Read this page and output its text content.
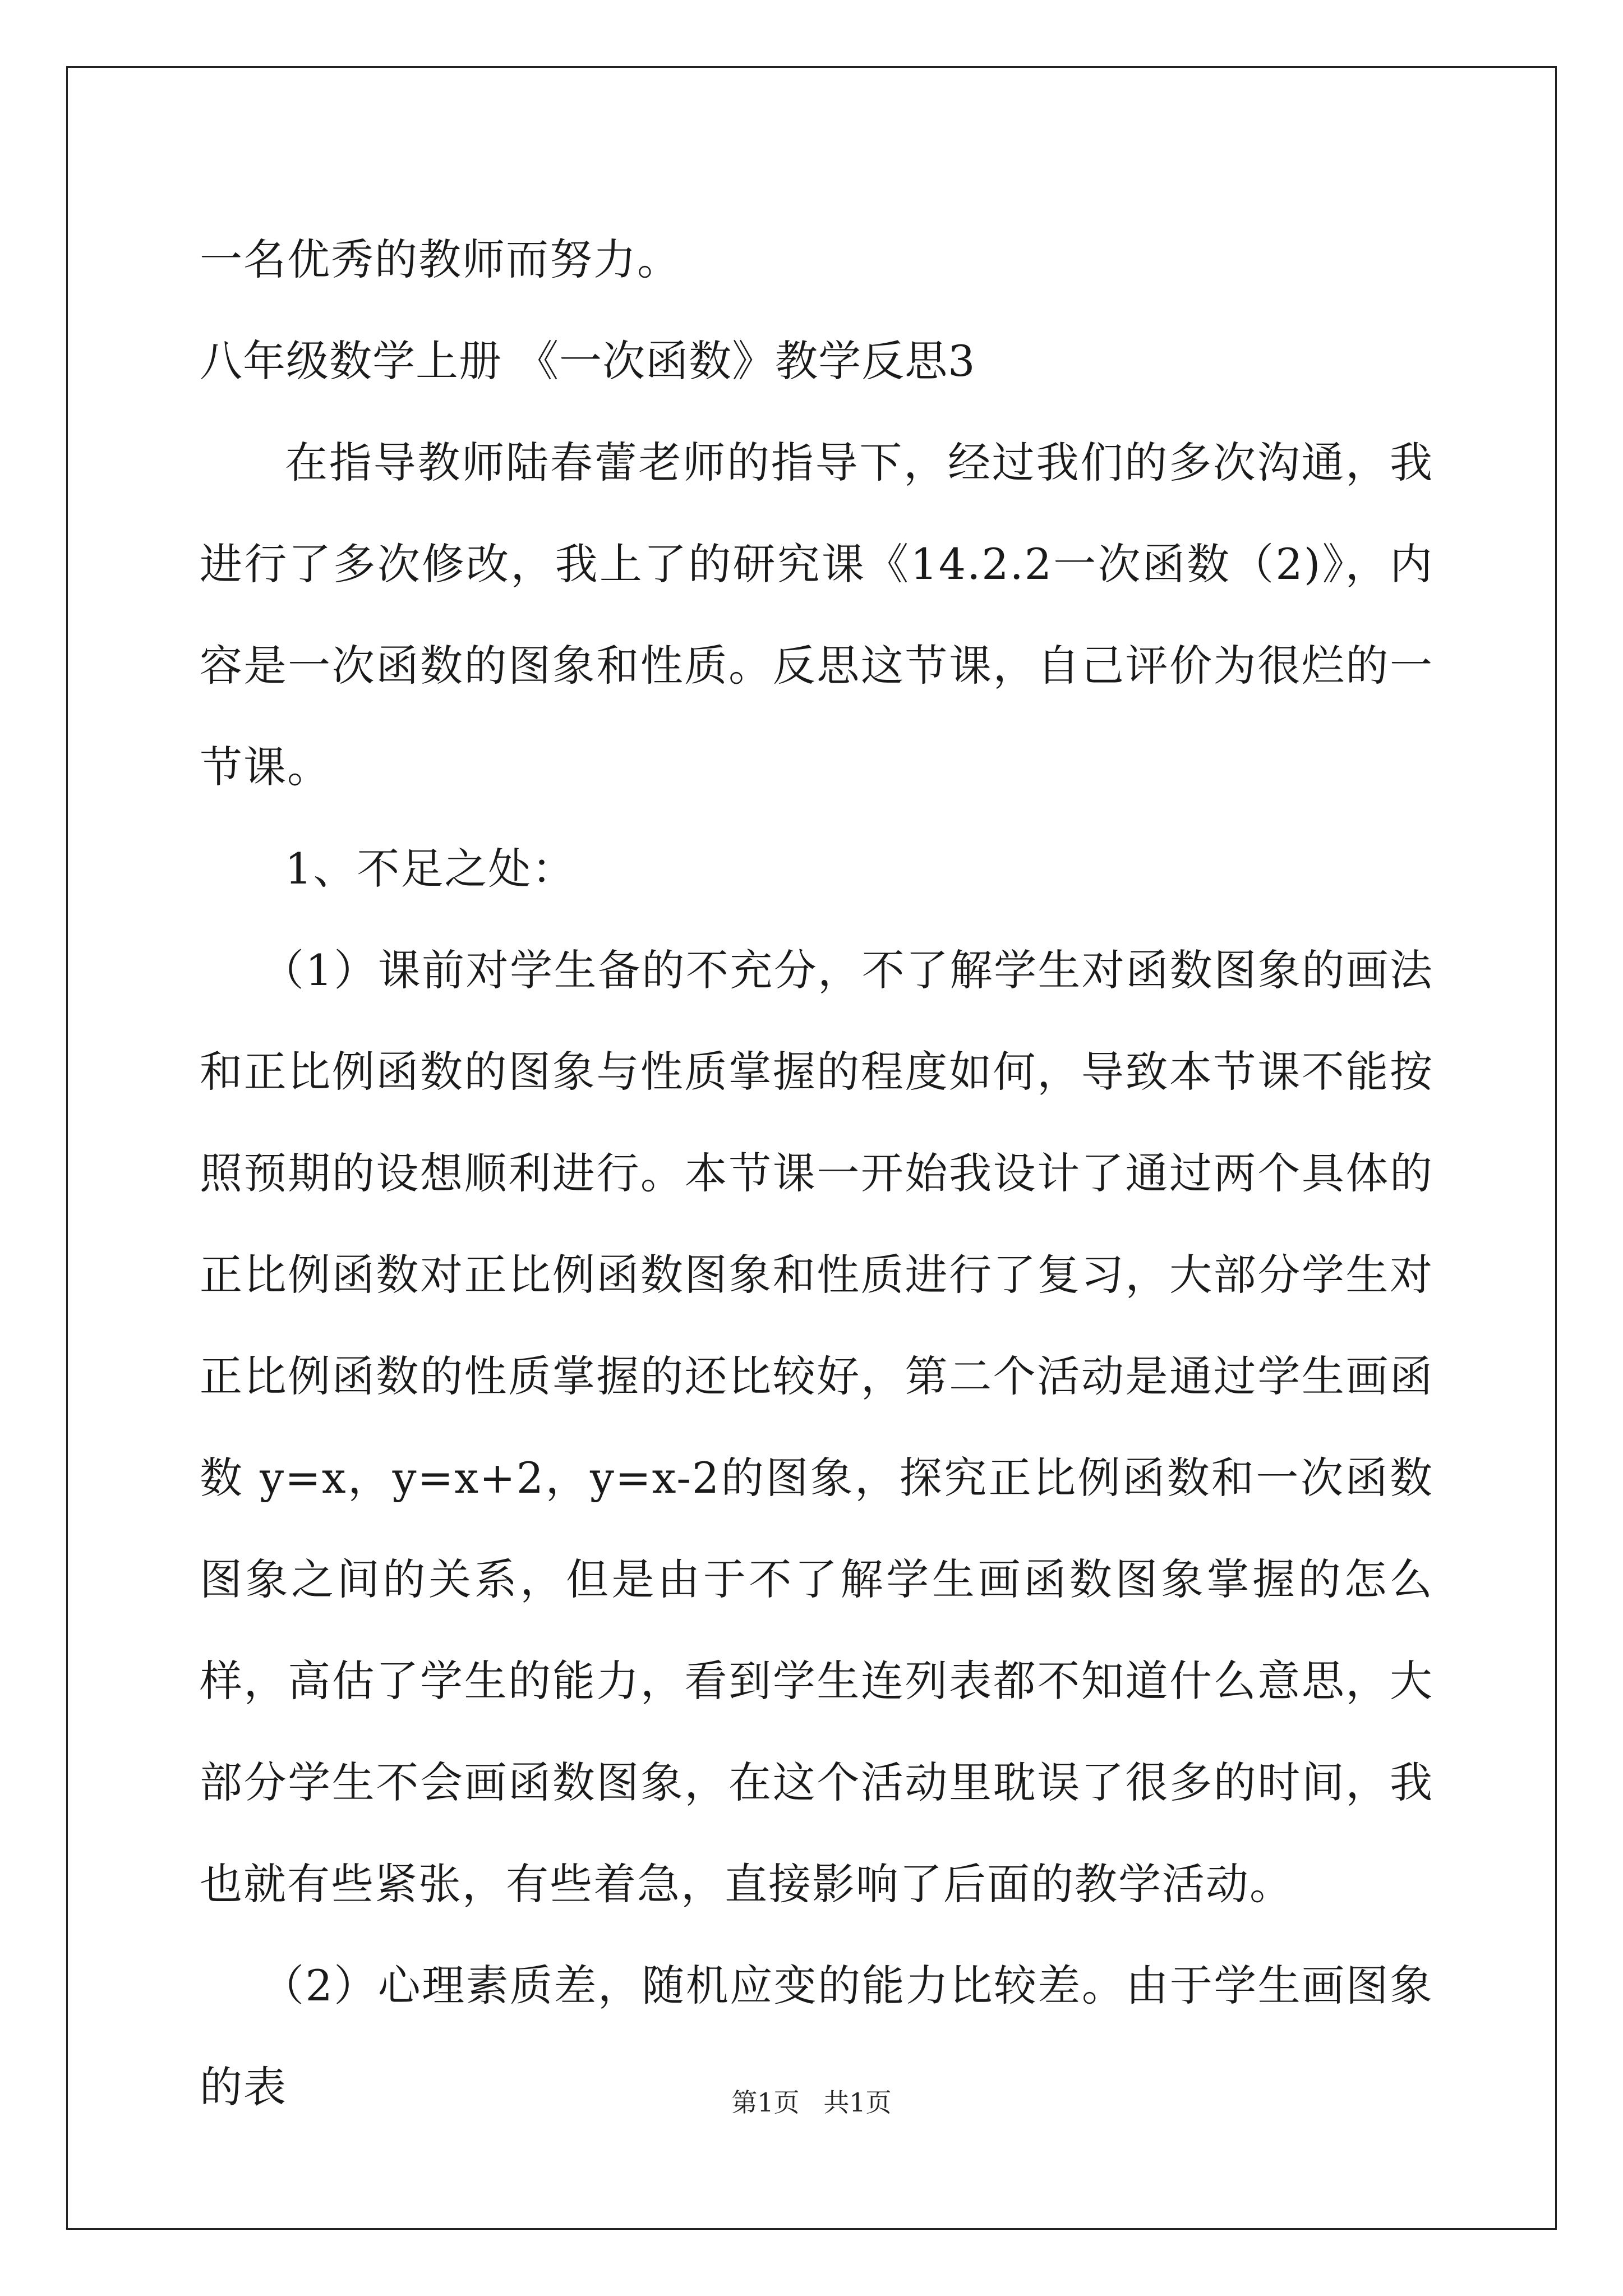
一名优秀的教师而努力。

八年级数学上册 《一次函数》教学反思3

在指导教师陆春蕾老师的指导下，经过我们的多次沟通，我进行了多次修改，我上了的研究课《14.2.2一次函数（2)》，内容是一次函数的图象和性质。反思这节课，自己评价为很烂的一节课。

1、不足之处：

（1）课前对学生备的不充分，不了解学生对函数图象的画法和正比例函数的图象与性质掌握的程度如何，导致本节课不能按照预期的设想顺利进行。本节课一开始我设计了通过两个具体的正比例函数对正比例函数图象和性质进行了复习，大部分学生对正比例函数的性质掌握的还比较好，第二个活动是通过学生画函数 y=x，y=x+2，y=x-2的图象，探究正比例函数和一次函数图象之间的关系，但是由于不了解学生画函数图象掌握的怎么样，高估了学生的能力，看到学生连列表都不知道什么意思，大部分学生不会画函数图象，在这个活动里耽误了很多的时间，我也就有些紧张，有些着急，直接影响了后面的教学活动。

（2）心理素质差，随机应变的能力比较差。由于学生画图象的表	第1页 共1页
